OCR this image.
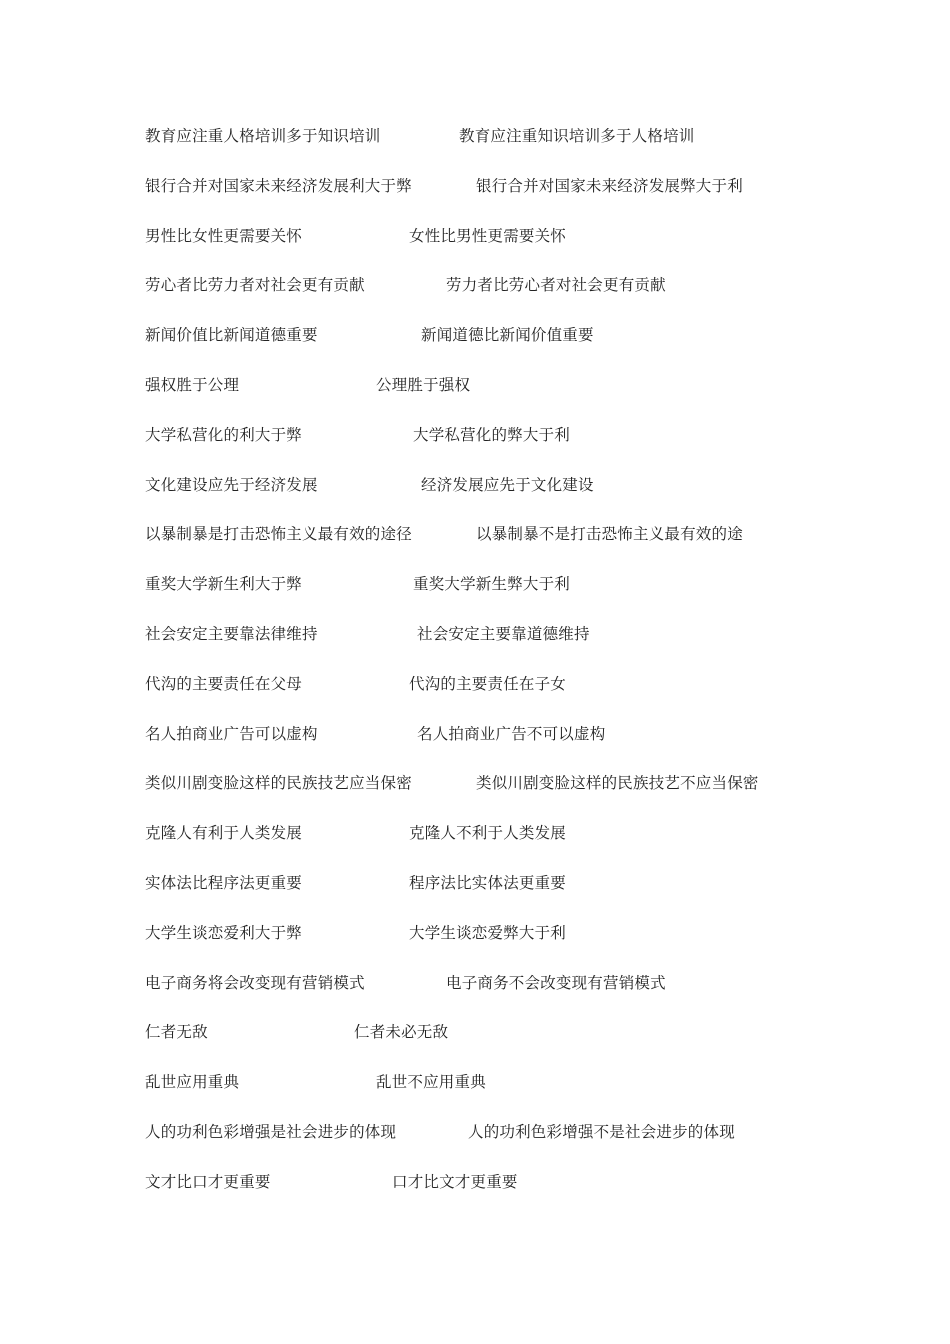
教育应注重人格培训多于知识培训	教育应注重知识培训多于人格培训
银行合并对国家未来经济发展利大于弊	银行合并对国家未来经济发展弊大于利
男性比女性更需要关怀	女性比男性更需要关怀
劳心者比劳力者对社会更有贡献	劳力者比劳心者对社会更有贡献
新闻价值比新闻道德重要	新闻道德比新闻价值重要
强权胜于公理	公理胜于强权
大学私营化的利大于弊	大学私营化的弊大于利
文化建设应先于经济发展	经济发展应先于文化建设
以暴制暴是打击恐怖主义最有效的途径	以暴制暴不是打击恐怖主义最有效的途
重奖大学新生利大于弊	重奖大学新生弊大于利
社会安定主要靠法律维持	社会安定主要靠道德维持
代沟的主要责任在父母	代沟的主要责任在子女
名人拍商业广告可以虚构	名人拍商业广告不可以虚构
类似川剧变脸这样的民族技艺应当保密	类似川剧变脸这样的民族技艺不应当保密
克隆人有利于人类发展	克隆人不利于人类发展
实体法比程序法更重要	程序法比实体法更重要
大学生谈恋爱利大于弊	大学生谈恋爱弊大于利
电子商务将会改变现有营销模式	电子商务不会改变现有营销模式
仁者无敌	仁者未必无敌
乱世应用重典	乱世不应用重典
人的功利色彩增强是社会进步的体现	人的功利色彩增强不是社会进步的体现
文才比口才更重要	口才比文才更重要
